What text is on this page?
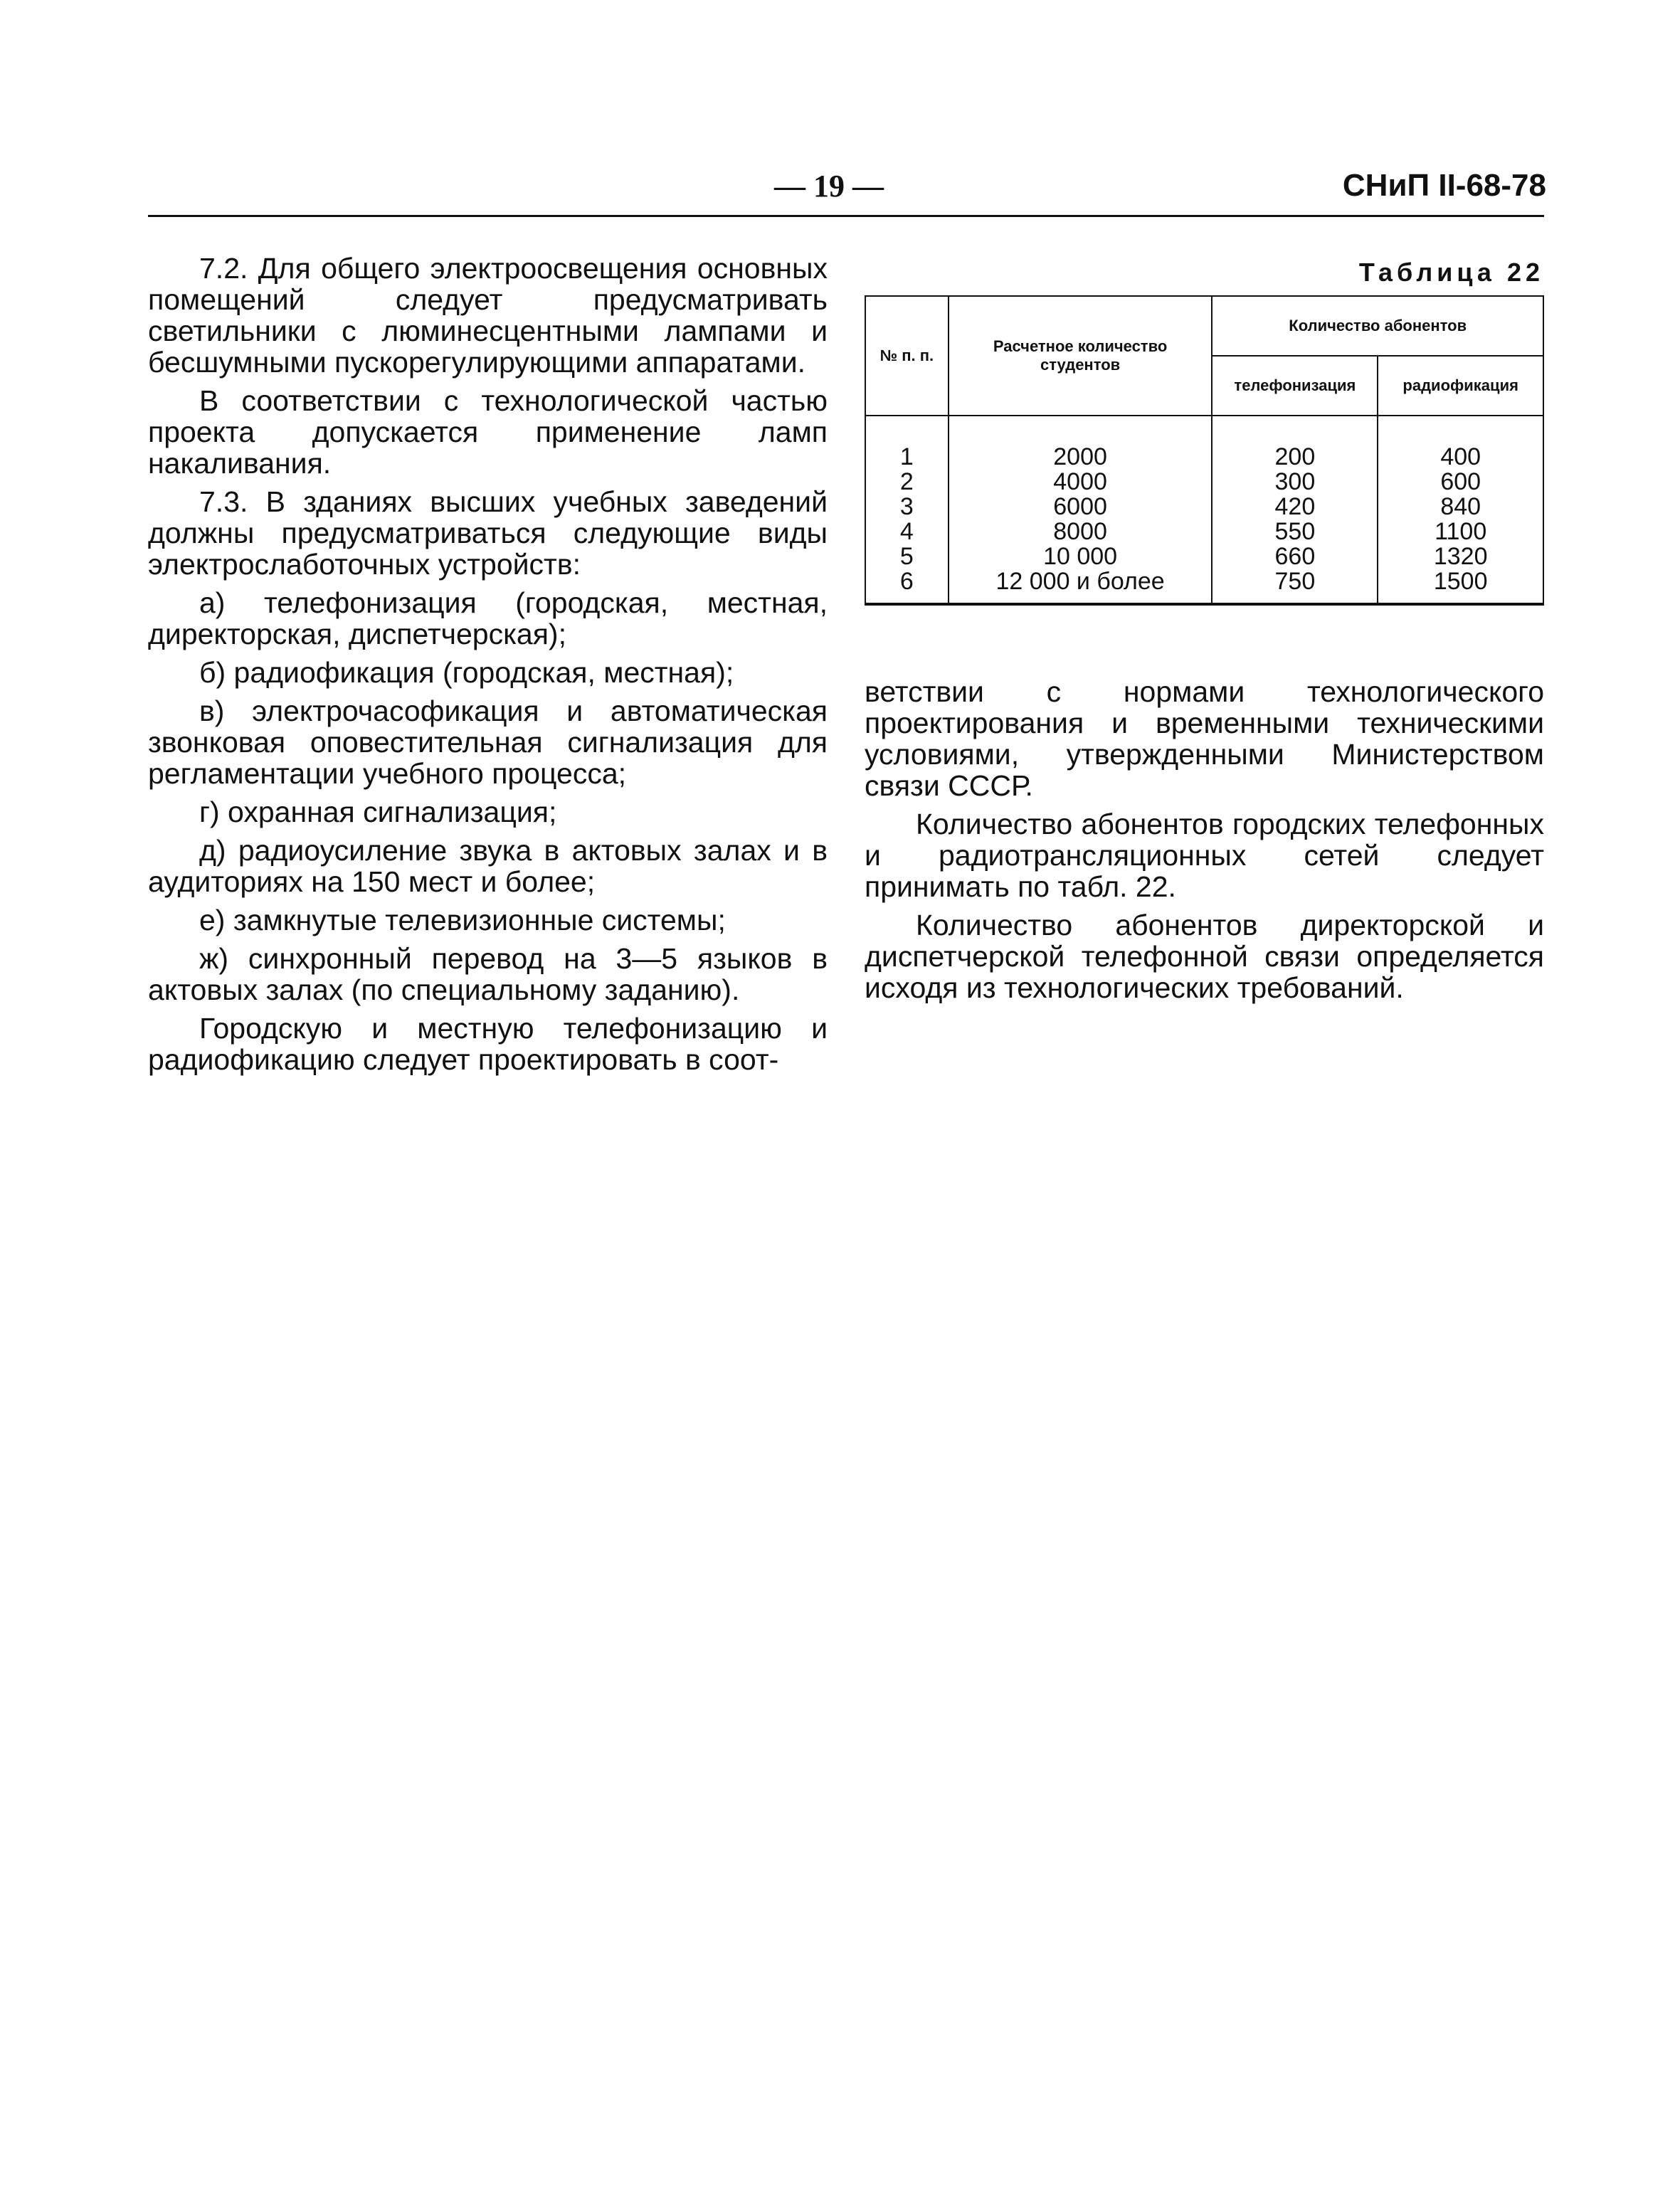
— 19 —	СНиП II-68-78

7.2. Для общего электроосвещения основных помещений следует предусматривать светильники с люминесцентными лампами и бесшумными пускорегулирующими аппаратами.

В соответствии с технологической частью проекта допускается применение ламп накаливания.

7.3. В зданиях высших учебных заведений должны предусматриваться следующие виды электрослаботочных устройств:

а) телефонизация (городская, местная, директорская, диспетчерская);

б) радиофикация (городская, местная);

в) электрочасофикация и автоматическая звонковая оповестительная сигнализация для регламентации учебного процесса;

г) охранная сигнализация;

д) радиоусиление звука в актовых залах и в аудиториях на 150 мест и более;

е) замкнутые телевизионные системы;

ж) синхронный перевод на 3—5 языков в актовых залах (по специальному заданию).

Городскую и местную телефонизацию и радиофикацию следует проектировать в соот-

Таблица 22
№ п. п.	Расчетное количество студентов	Количество абонентов	
		телефонизация	радиофикация
1	2000	200	400
2	4000	300	600
3	6000	420	840
4	8000	550	1100
5	10 000	660	1320
6	12 000 и более	750	1500

ветствии с нормами технологического проектирования и временными техническими условиями, утвержденными Министерством связи СССР.

Количество абонентов городских телефонных и радиотрансляционных сетей следует принимать по табл. 22.

Количество абонентов директорской и диспетчерской телефонной связи определяется исходя из технологических требований.
